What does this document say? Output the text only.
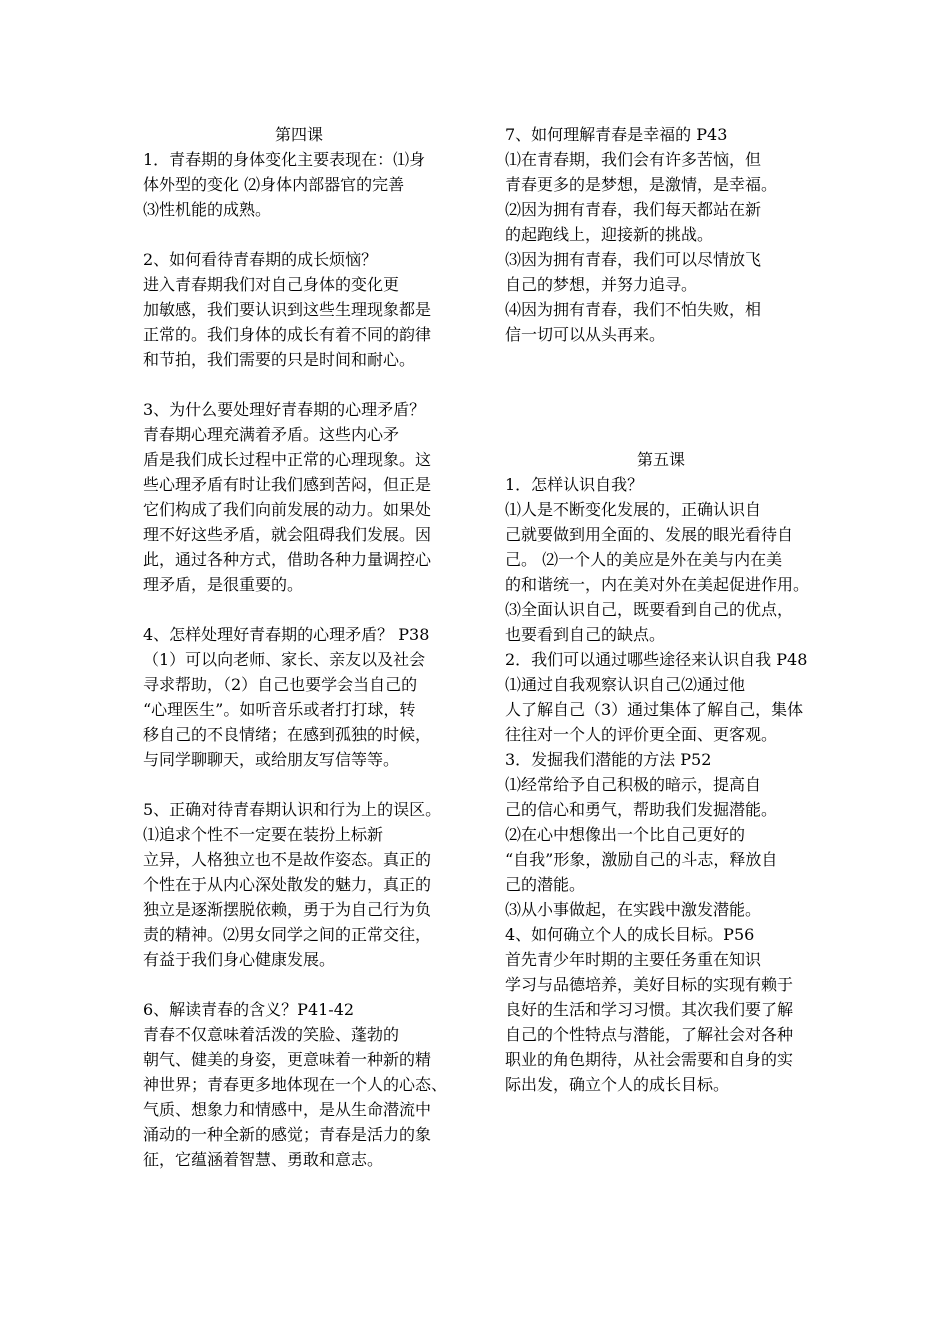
第四课

1．青春期的身体变化主要表现在：⑴身
体外型的变化 ⑵身体内部器官的完善
⑶性机能的成熟。

2、如何看待青春期的成长烦恼？

进入青春期我们对自己身体的变化更
加敏感，我们要认识到这些生理现象都是
正常的。我们身体的成长有着不同的韵律
和节拍，我们需要的只是时间和耐心。

3、为什么要处理好青春期的心理矛盾？

青春期心理充满着矛盾。这些内心矛
盾是我们成长过程中正常的心理现象。这
些心理矛盾有时让我们感到苦闷，但正是
它们构成了我们向前发展的动力。如果处
理不好这些矛盾，就会阻碍我们发展。因
此，通过各种方式，借助各种力量调控心
理矛盾，是很重要的。

4、怎样处理好青春期的心理矛盾？ P38

（1）可以向老师、家长、亲友以及社会
寻求帮助，（2）自己也要学会当自己的
“心理医生”。如听音乐或者打打球，转
移自己的不良情绪；在感到孤独的时候，
与同学聊聊天，或给朋友写信等等。

5、正确对待青春期认识和行为上的误区。

⑴追求个性不一定要在装扮上标新
立异，人格独立也不是故作姿态。真正的
个性在于从内心深处散发的魅力，真正的
独立是逐渐摆脱依赖，勇于为自己行为负
责的精神。⑵男女同学之间的正常交往，
有益于我们身心健康发展。

6、解读青春的含义？P41-42

青春不仅意味着活泼的笑脸、蓬勃的
朝气、健美的身姿，更意味着一种新的精
神世界；青春更多地体现在一个人的心态、
气质、想象力和情感中，是从生命潜流中
涌动的一种全新的感觉；青春是活力的象
征，它蕴涵着智慧、勇敢和意志。

7、如何理解青春是幸福的 P43

⑴在青春期，我们会有许多苦恼，但
青春更多的是梦想，是激情，是幸福。
⑵因为拥有青春，我们每天都站在新
的起跑线上，迎接新的挑战。
⑶因为拥有青春，我们可以尽情放飞
自己的梦想，并努力追寻。
⑷因为拥有青春，我们不怕失败，相
信一切可以从头再来。

第五课

1．怎样认识自我？

⑴人是不断变化发展的，正确认识自
己就要做到用全面的、发展的眼光看待自
己。 ⑵一个人的美应是外在美与内在美
的和谐统一，内在美对外在美起促进作用。
⑶全面认识自己，既要看到自己的优点，
也要看到自己的缺点。

2．我们可以通过哪些途径来认识自我 P48

⑴通过自我观察认识自己⑵通过他
人了解自己（3）通过集体了解自己，集体
往往对一个人的评价更全面、更客观。

3．发掘我们潜能的方法 P52

⑴经常给予自己积极的暗示，提高自
己的信心和勇气，帮助我们发掘潜能。
⑵在心中想像出一个比自己更好的
“自我”形象，激励自己的斗志，释放自
己的潜能。
⑶从小事做起，在实践中激发潜能。

4、如何确立个人的成长目标。P56

首先青少年时期的主要任务重在知识
学习与品德培养，美好目标的实现有赖于
良好的生活和学习习惯。其次我们要了解
自己的个性特点与潜能，了解社会对各种
职业的角色期待，从社会需要和自身的实
际出发，确立个人的成长目标。
